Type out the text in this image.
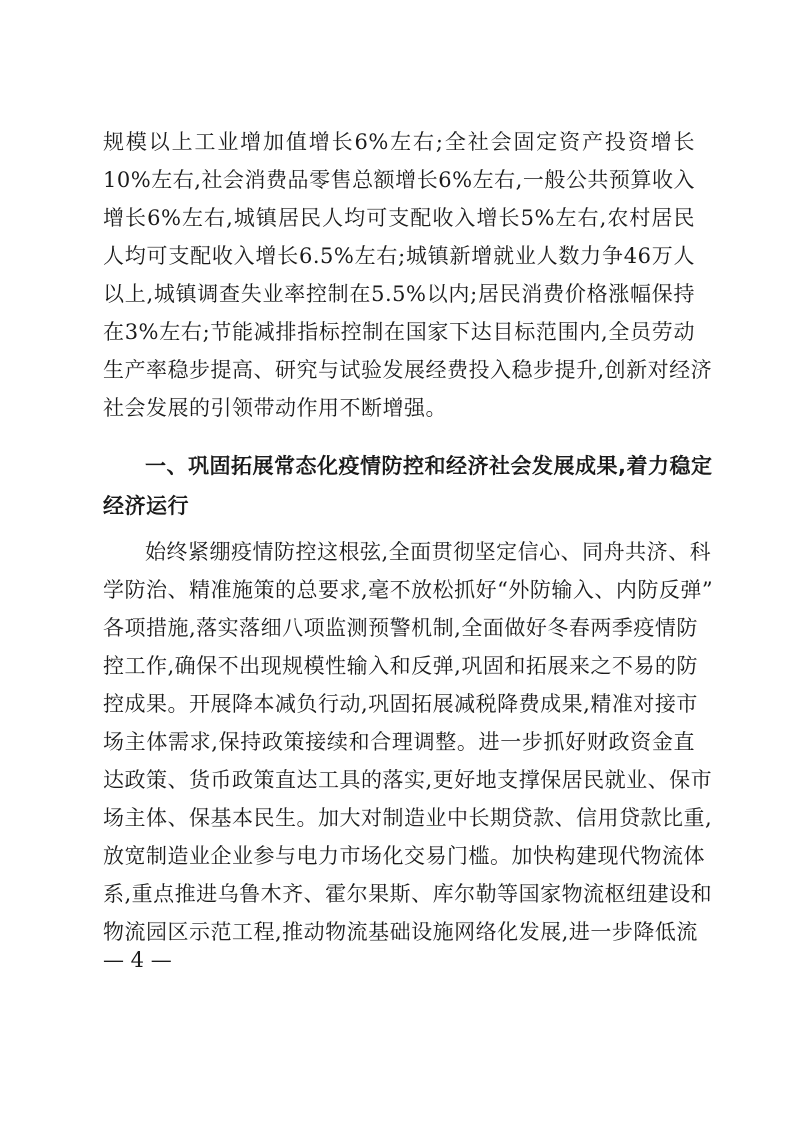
规模以上工业增加值增长6%左右;全社会固定资产投资增长
10%左右,社会消费品零售总额增长6%左右,一般公共预算收入
增长6%左右,城镇居民人均可支配收入增长5%左右,农村居民
人均可支配收入增长6.5%左右;城镇新增就业人数力争46万人
以上,城镇调查失业率控制在5.5%以内;居民消费价格涨幅保持
在3%左右;节能减排指标控制在国家下达目标范围内,全员劳动
生产率稳步提高、研究与试验发展经费投入稳步提升,创新对经济
社会发展的引领带动作用不断增强。
一、巩固拓展常态化疫情防控和经济社会发展成果,着力稳定
经济运行
始终紧绷疫情防控这根弦,全面贯彻坚定信心、同舟共济、科
学防治、精准施策的总要求,毫不放松抓好“外防输入、内防反弹”
各项措施,落实落细八项监测预警机制,全面做好冬春两季疫情防
控工作,确保不出现规模性输入和反弹,巩固和拓展来之不易的防
控成果。开展降本减负行动,巩固拓展减税降费成果,精准对接市
场主体需求,保持政策接续和合理调整。进一步抓好财政资金直
达政策、货币政策直达工具的落实,更好地支撑保居民就业、保市
场主体、保基本民生。加大对制造业中长期贷款、信用贷款比重,
放宽制造业企业参与电力市场化交易门槛。加快构建现代物流体
系,重点推进乌鲁木齐、霍尔果斯、库尔勒等国家物流枢纽建设和
物流园区示范工程,推动物流基础设施网络化发展,进一步降低流
— 4 —
